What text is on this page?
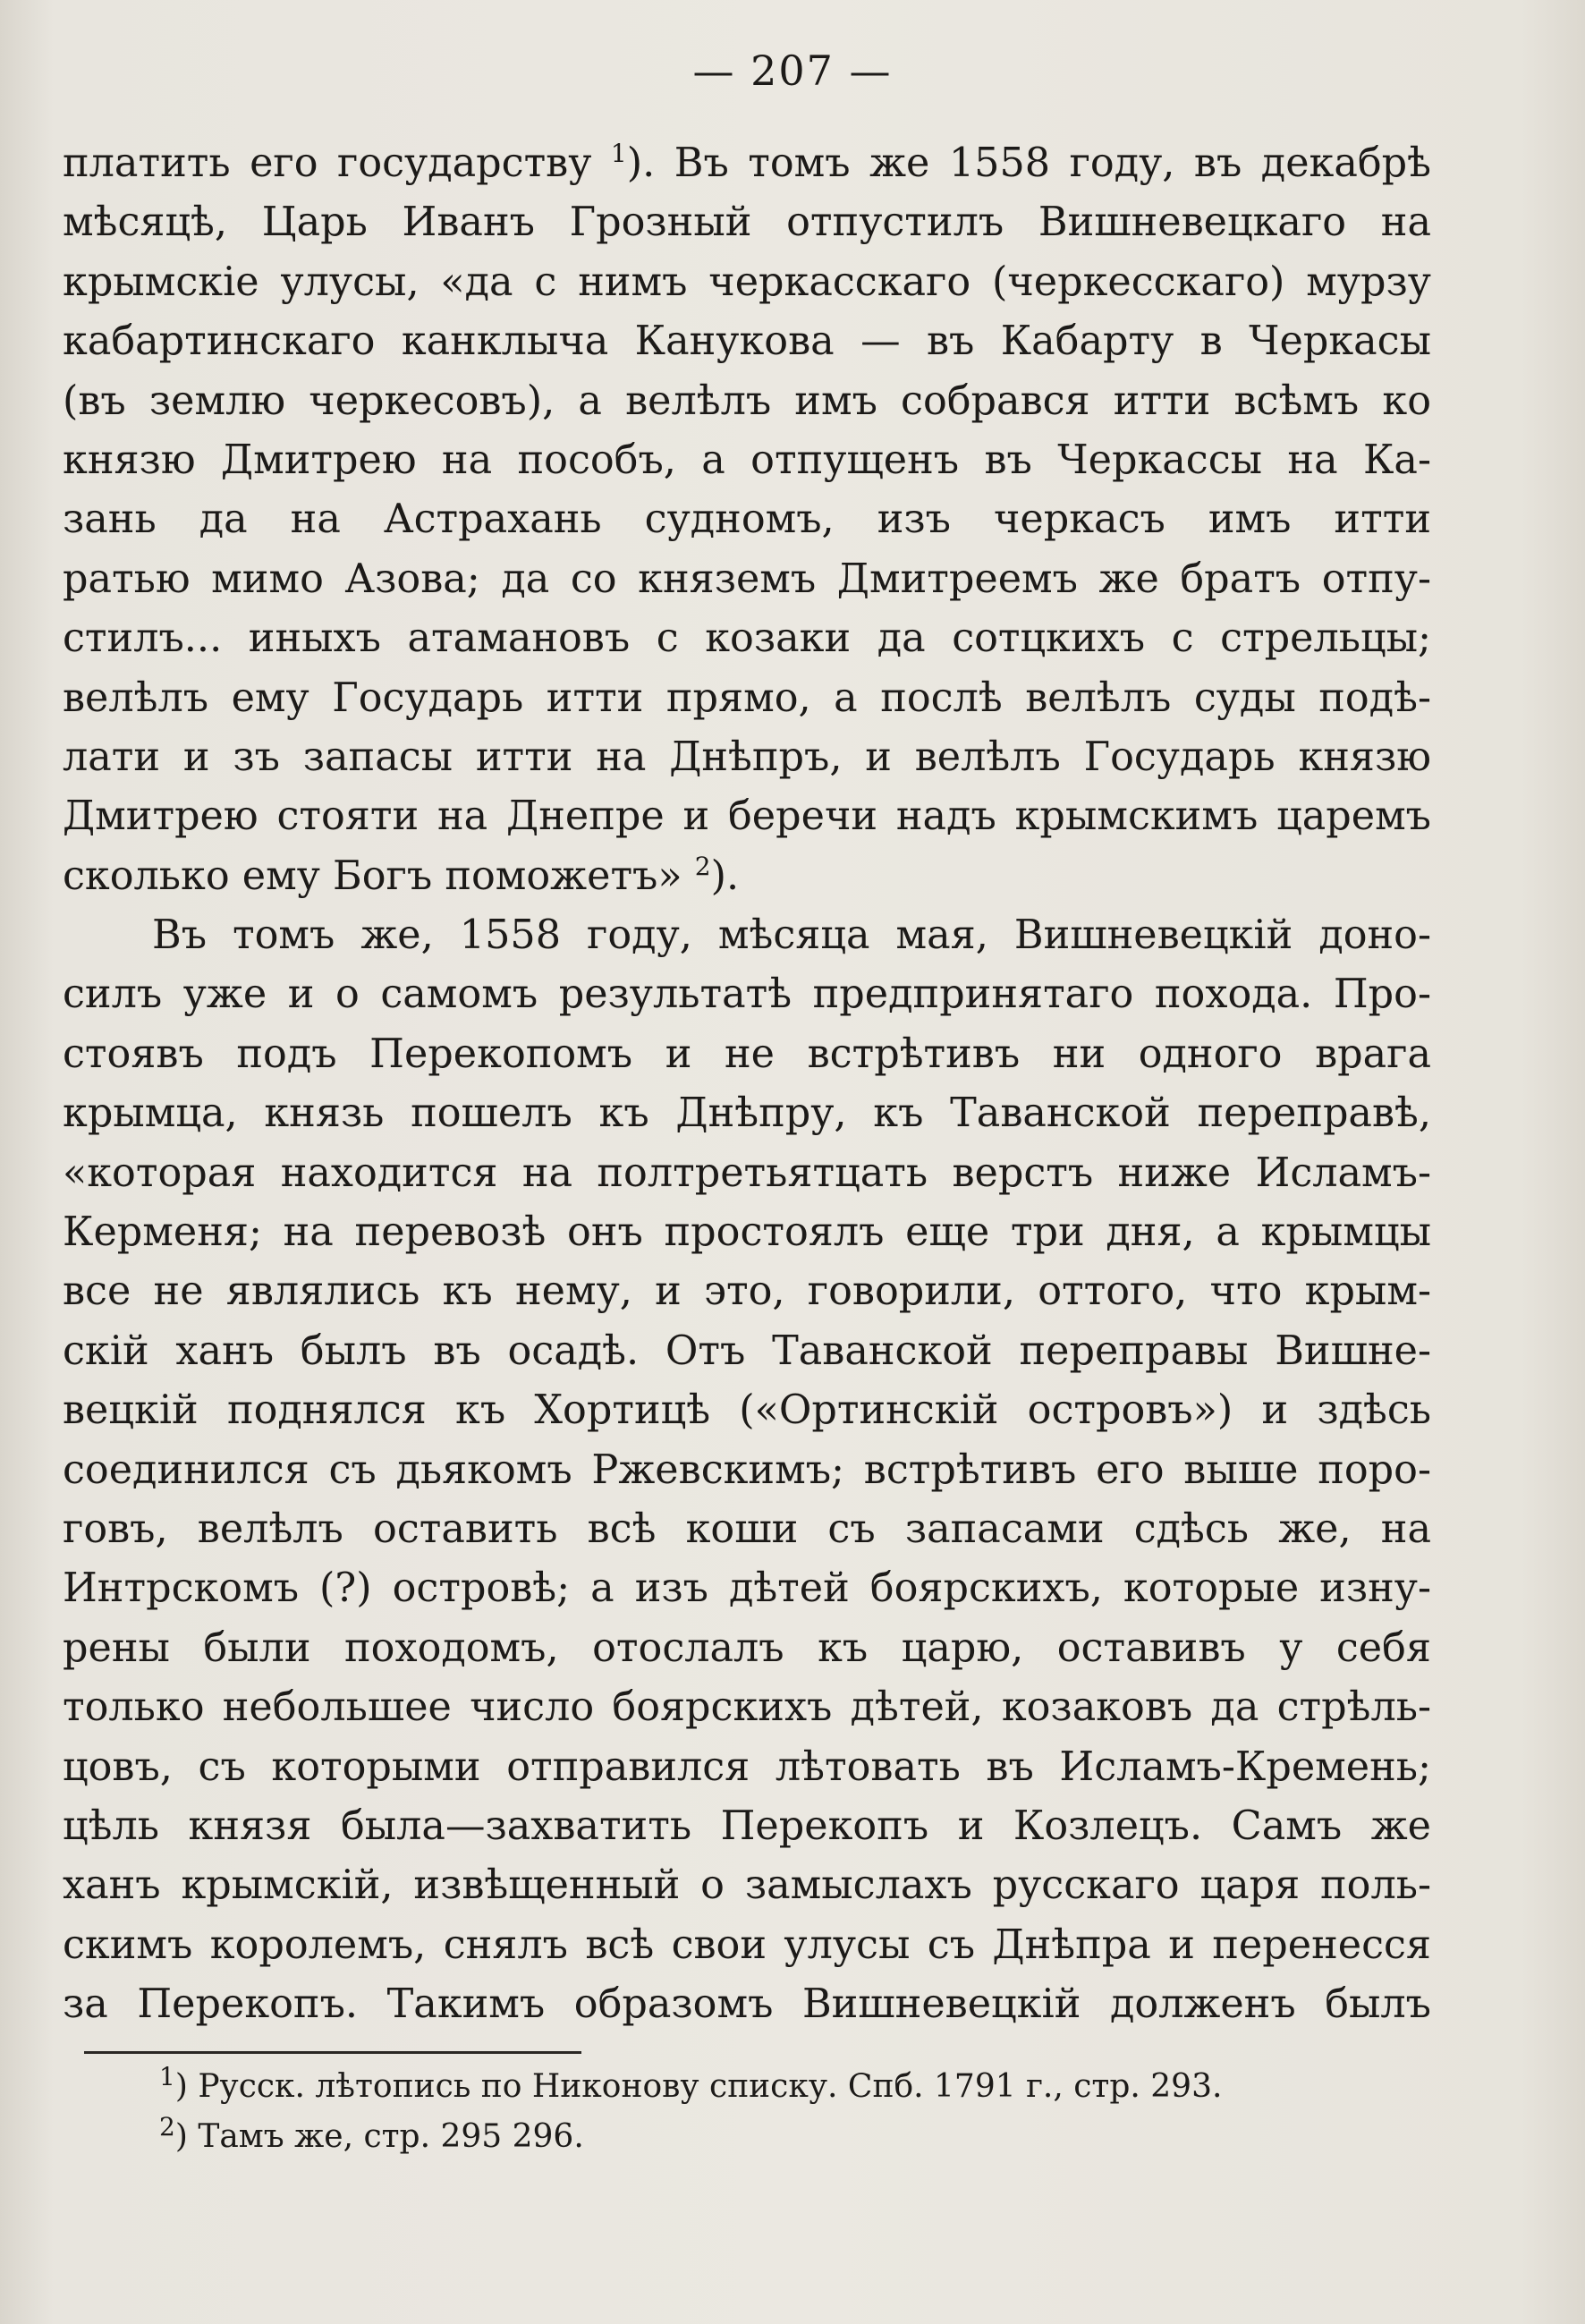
— 207 —
платить его государству $^1$). Въ томъ же 1558 году, въ декабрѣ
мѣсяцѣ, Царь Иванъ Грозный отпустилъ Вишневецкаго на
крымскіе улусы, «да с нимъ черкасскаго (черкесскаго) мурзу
кабартинскаго канклыча Канукова — въ Кабарту в Черкасы
(въ землю черкесовъ), а велѣлъ имъ собрався итти всѣмъ ко
князю Дмитрею на пособъ, а отпущенъ въ Черкассы на Ка-
зань да на Астрахань судномъ, изъ черкасъ имъ итти
ратью мимо Азова; да со княземъ Дмитреемъ же братъ отпу-
стилъ... иныхъ атамановъ с козаки да сотцкихъ с стрельцы;
велѣлъ ему Государь итти прямо, а послѣ велѣлъ суды подѣ-
лати и зъ запасы итти на Днѣпръ, и велѣлъ Государь князю
Дмитрею стояти на Днепре и беречи надъ крымскимъ царемъ
сколько ему Богъ поможетъ» $^2$).
Въ томъ же, 1558 году, мѣсяца мая, Вишневецкій доно-
силъ уже и о самомъ результатѣ предпринятаго похода. Про-
стоявъ подъ Перекопомъ и не встрѣтивъ ни одного врага
крымца, князь пошелъ къ Днѣпру, къ Таванской переправѣ,
«которая находится на полтретьятцать верстъ ниже Исламъ-
Керменя; на перевозѣ онъ простоялъ еще три дня, а крымцы
все не являлись къ нему, и это, говорили, оттого, что крым-
скій ханъ былъ въ осадѣ. Отъ Таванской переправы Вишне-
вецкій поднялся къ Хортицѣ («Ортинскій островъ») и здѣсь
соединился съ дьякомъ Ржевскимъ; встрѣтивъ его выше поро-
говъ, велѣлъ оставить всѣ коши съ запасами сдѣсь же, на
Интрскомъ (?) островѣ; а изъ дѣтей боярскихъ, которые изну-
рены были походомъ, отослалъ къ царю, оставивъ у себя
только небольшее число боярскихъ дѣтей, козаковъ да стрѣль-
цовъ, съ которыми отправился лѣтовать въ Исламъ-Кремень;
цѣль князя была—захватить Перекопъ и Козлецъ. Самъ же
ханъ крымскій, извѣщенный о замыслахъ русскаго царя поль-
скимъ королемъ, снялъ всѣ свои улусы съ Днѣпра и перенесся
за Перекопъ. Такимъ образомъ Вишневецкій долженъ былъ
$^1$) Русск. лѣтопись по Никонову списку. Спб. 1791 г., стр. 293.
$^2$) Тамъ же, стр. 295 296.
